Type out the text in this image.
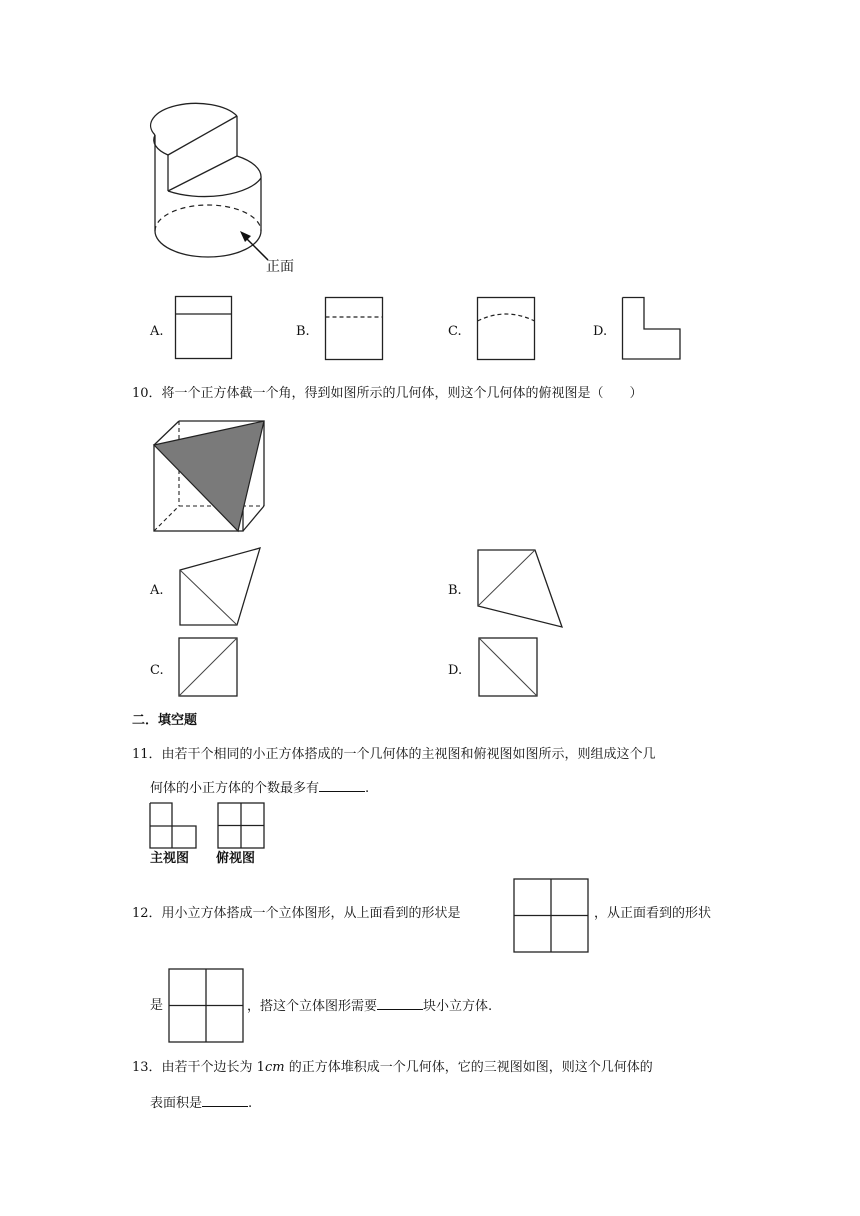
正面
A.	B.	C.	D.
10．将一个正方体截一个角，得到如图所示的几何体，则这个几何体的俯视图是（　　）
A.	B.
C.	D.
二．填空题
11．由若干个相同的小正方体搭成的一个几何体的主视图和俯视图如图所示，则组成这个几
何体的小正方体的个数最多有	.
主视图 俯视图
12．用小立方体搭成一个立体图形，从上面看到的形状是	，从正面看到的形状
是	，搭这个立体图形需要	块小立方体.
13．由若干个边长为 1cm 的正方体堆积成一个几何体，它的三视图如图，则这个几何体的
表面积是	.
